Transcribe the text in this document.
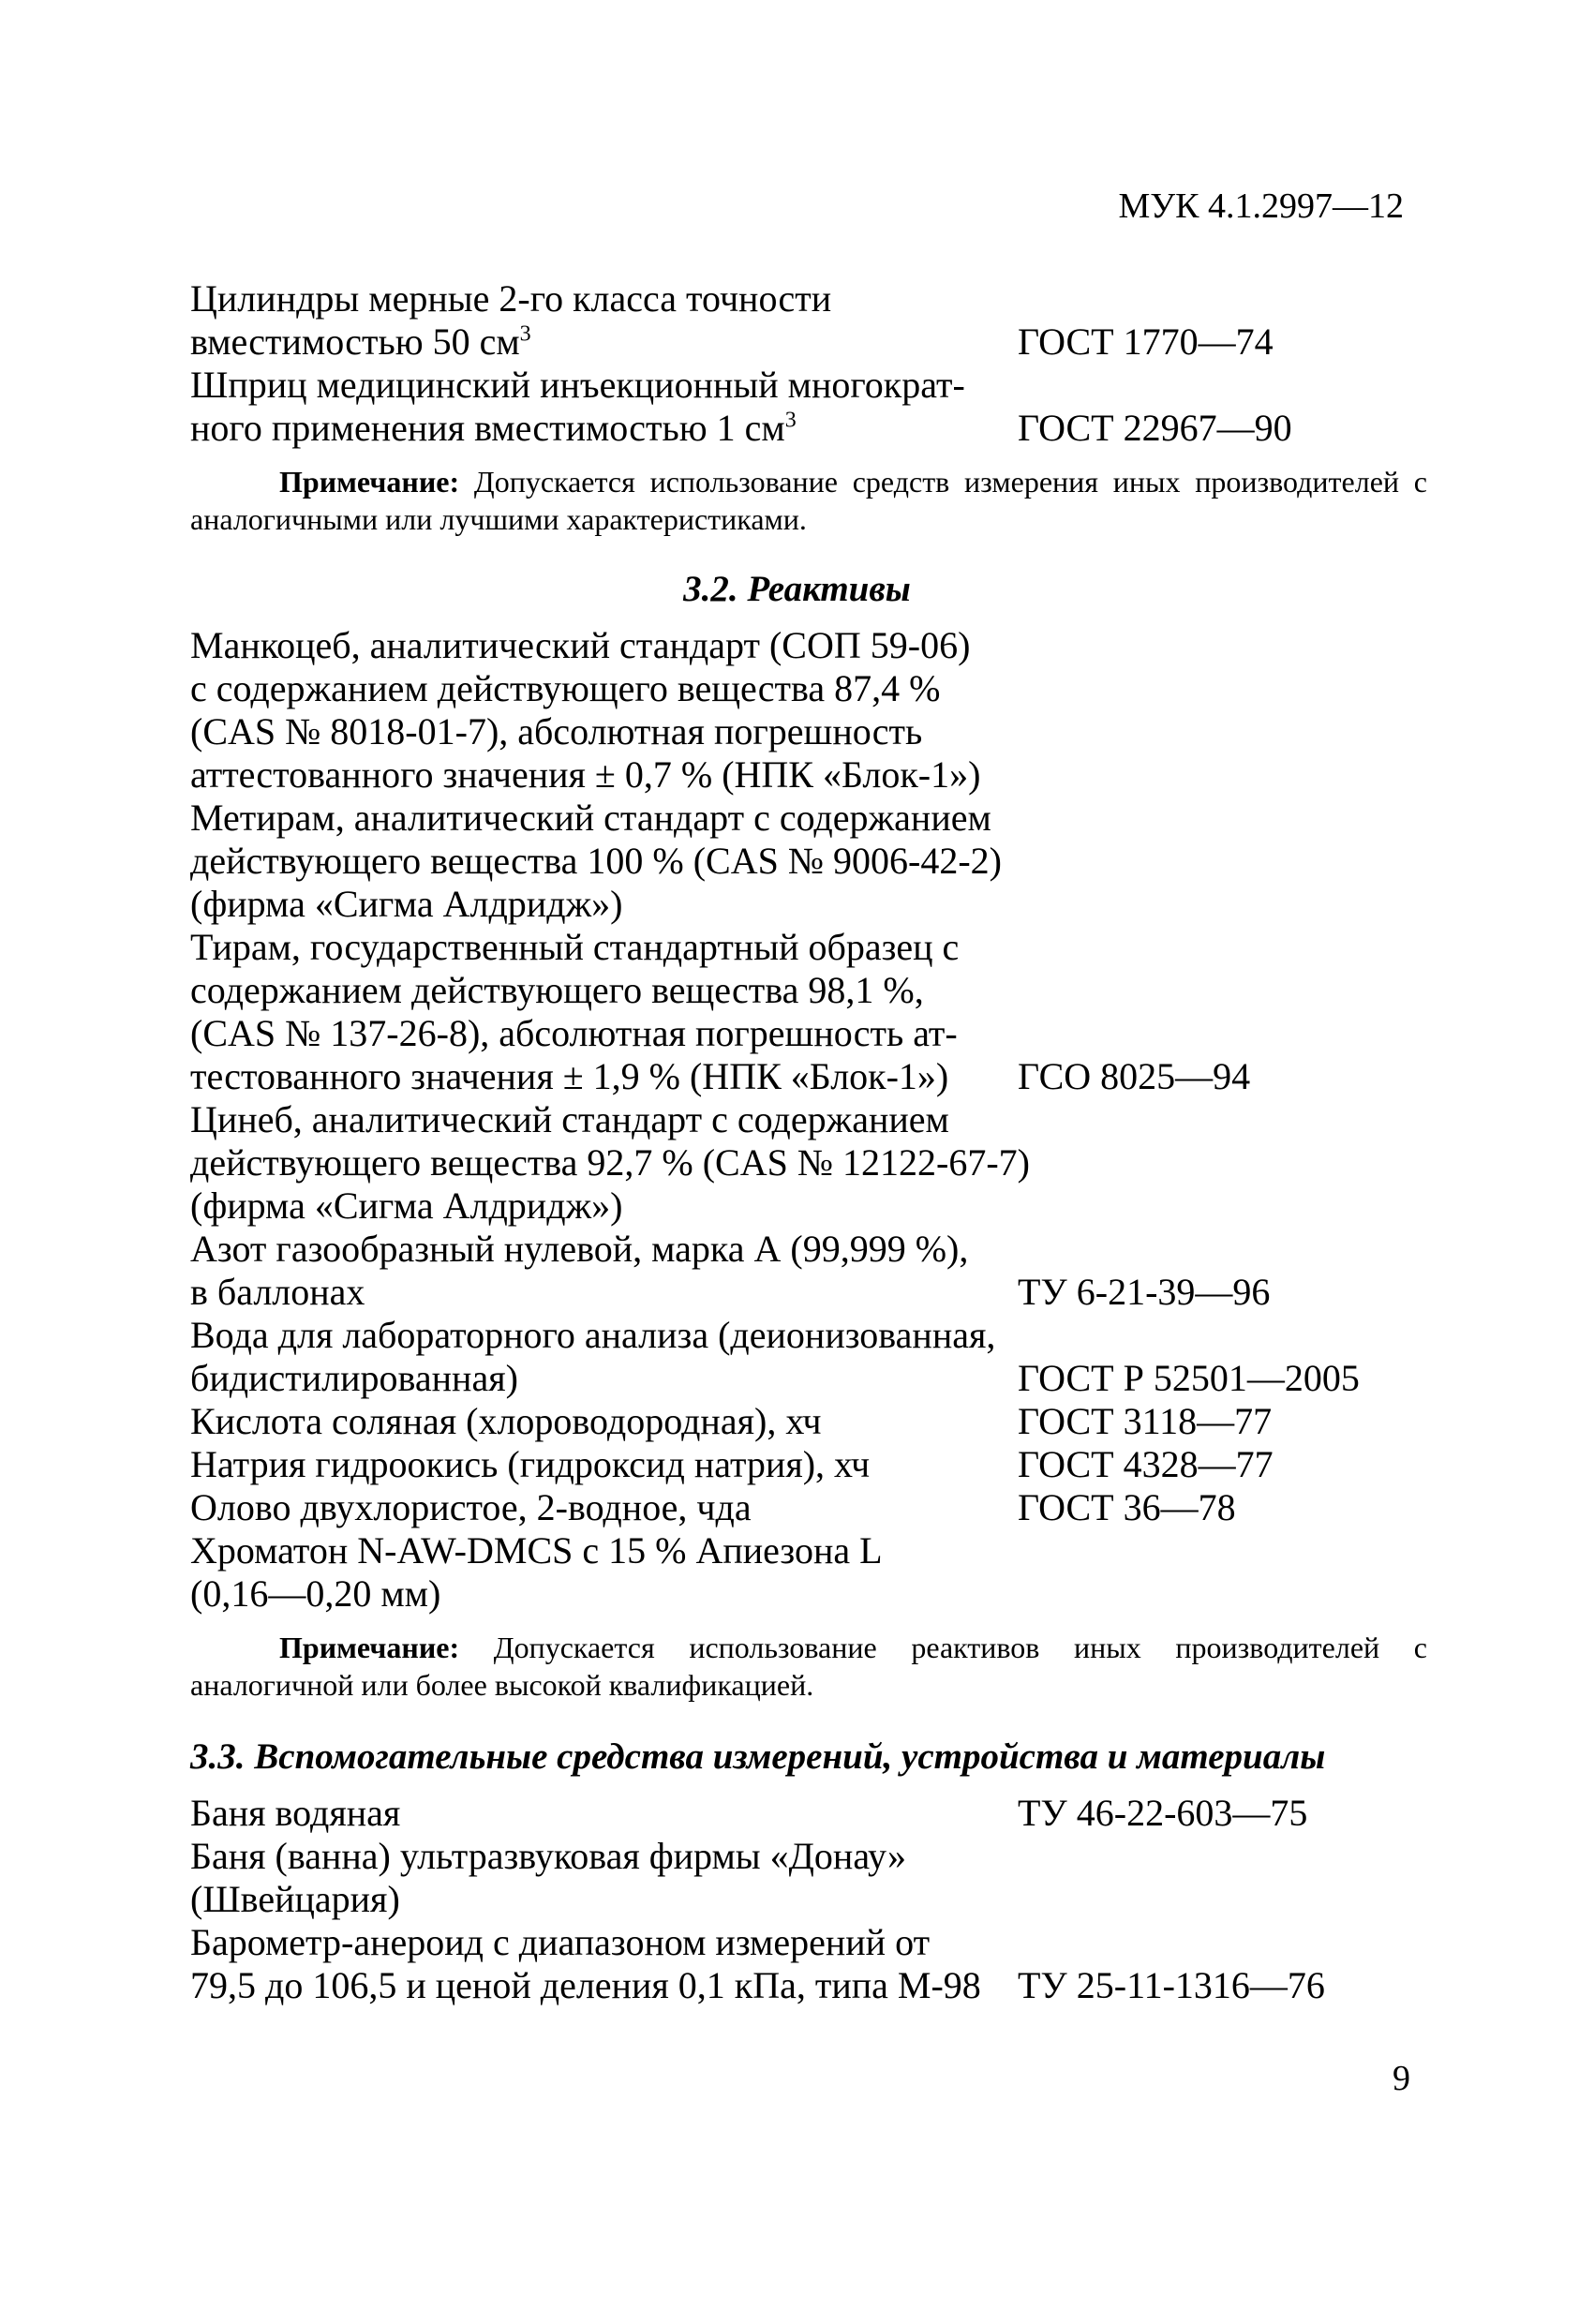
МУК 4.1.2997—12
Цилиндры мерные 2-го класса точности
вместимостью 50 $см^3$	ГОСТ 1770—74
Шприц медицинский инъекционный многократ-
ного применения вместимостью 1 $см^3$	ГОСТ 22967—90
Примечание: Допускается использование средств измерения иных производителей с аналогичными или лучшими характеристиками.
3.2. Реактивы
Манкоцеб, аналитический стандарт (СОП 59-06)
с содержанием действующего вещества 87,4 %
(CAS № 8018-01-7), абсолютная погрешность
аттестованного значения ± 0,7 % (НПК «Блок-1»)
Метирам, аналитический стандарт с содержанием
действующего вещества 100 % (CAS № 9006-42-2)
(фирма «Сигма Алдридж»)
Тирам, государственный стандартный образец с
содержанием действующего вещества 98,1 %,
(CAS № 137-26-8), абсолютная погрешность ат-
тестованного значения ± 1,9 % (НПК «Блок-1») ГСО 8025—94
Цинеб, аналитический стандарт с содержанием
действующего вещества 92,7 % (CAS № 12122-67-7)
(фирма «Сигма Алдридж»)
Азот газообразный нулевой, марка А (99,999 %),
в баллонах	ТУ 6-21-39—96
Вода для лабораторного анализа (деионизованная,
бидистилированная)	ГОСТ Р 52501—2005
Кислота соляная (хлороводородная), хч	ГОСТ 3118—77
Натрия гидроокись (гидроксид натрия), хч	ГОСТ 4328—77
Олово двухлористое, 2-водное, чда	ГОСТ 36—78
Хроматон N-AW-DMCS с 15 % Апиезона L
(0,16—0,20 мм)
Примечание: Допускается использование реактивов иных производителей с аналогичной или более высокой квалификацией.
3.3. Вспомогательные средства измерений, устройства и материалы
Баня водяная	ТУ 46-22-603—75
Баня (ванна) ультразвуковая фирмы «Донау»
(Швейцария)
Барометр-анероид с диапазоном измерений от
79,5 до 106,5 и ценой деления 0,1 кПа, типа М-98 ТУ 25-11-1316—76
9
